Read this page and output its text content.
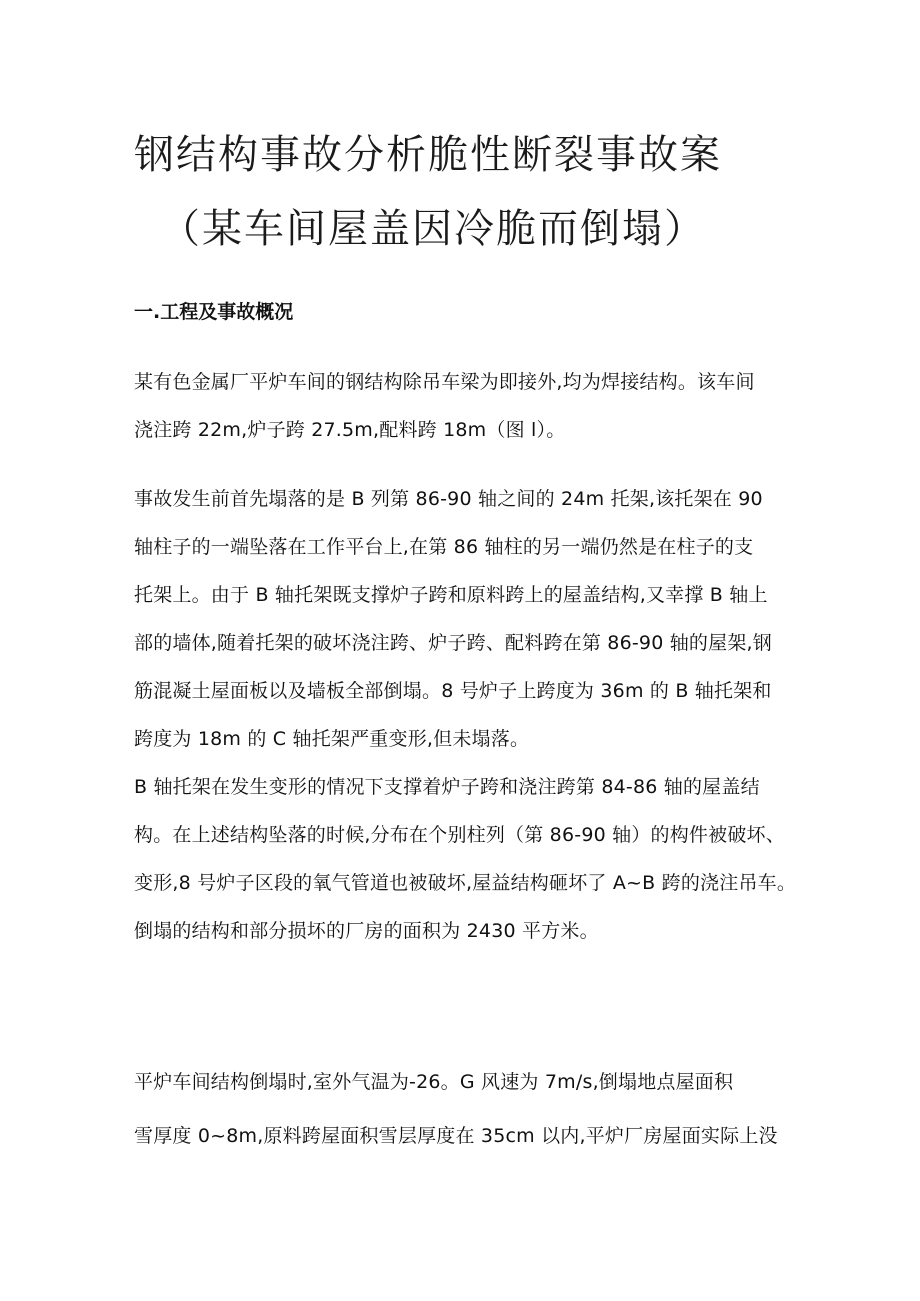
钢结构事故分析脆性断裂事故案
（某车间屋盖因冷脆而倒塌）
一.工程及事故概况
某有色金属厂平炉车间的钢结构除吊车梁为即接外,均为焊接结构。该车间
浇注跨 22m,炉子跨 27.5m,配料跨 18m（图 l）。
事故发生前首先塌落的是 B 列第 86-90 轴之间的 24m 托架,该托架在 90
轴柱子的一端坠落在工作平台上,在第 86 轴柱的另一端仍然是在柱子的支
托架上。由于 B 轴托架既支撑炉子跨和原料跨上的屋盖结构,又幸撑 B 轴上
部的墙体,随着托架的破坏浇注跨、炉子跨、配料跨在第 86-90 轴的屋架,钢
筋混凝土屋面板以及墙板全部倒塌。8 号炉子上跨度为 36m 的 B 轴托架和
跨度为 18m 的 C 轴托架严重变形,但未塌落。
B 轴托架在发生变形的情况下支撑着炉子跨和浇注跨第 84-86 轴的屋盖结
构。在上述结构坠落的时候,分布在个别柱列（第 86-90 轴）的构件被破坏、
变形,8 号炉子区段的氧气管道也被破坏,屋益结构砸坏了 A~B 跨的浇注吊车。
倒塌的结构和部分损坏的厂房的面积为 2430 平方米。
平炉车间结构倒塌时,室外气温为-26。G 风速为 7m/s,倒塌地点屋面积
雪厚度 0~8m,原料跨屋面积雪层厚度在 35cm 以内,平炉厂房屋面实际上没
